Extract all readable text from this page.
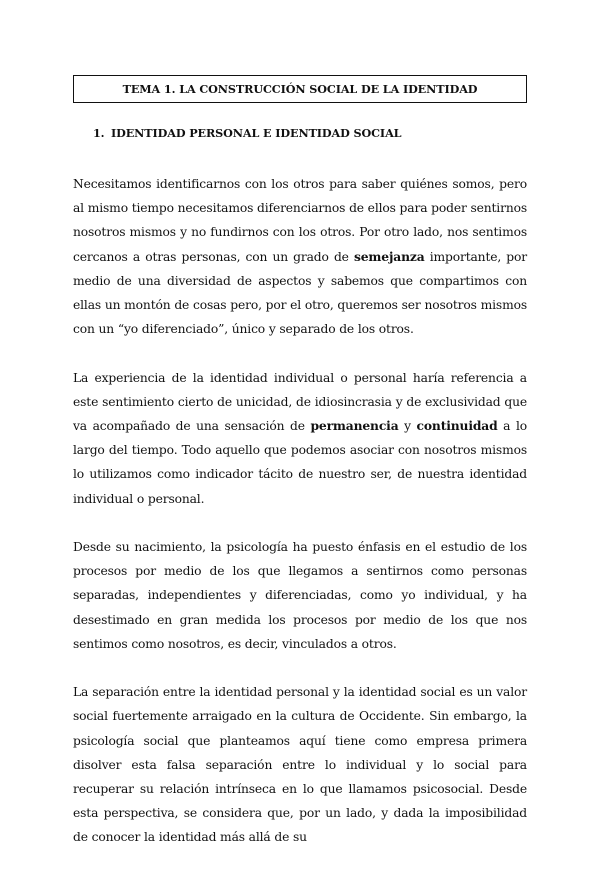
TEMA 1. LA CONSTRUCCIÓN SOCIAL DE LA IDENTIDAD
1. IDENTIDAD PERSONAL E IDENTIDAD SOCIAL

Necesitamos identificarnos con los otros para saber quiénes somos, pero al mismo tiempo necesitamos diferenciarnos de ellos para poder sentirnos nosotros mismos y no fundirnos con los otros. Por otro lado, nos sentimos cercanos a otras personas, con un grado de semejanza importante, por medio de una diversidad de aspectos y sabemos que compartimos con ellas un montón de cosas pero, por el otro, queremos ser nosotros mismos con un “yo diferenciado”, único y separado de los otros.

La experiencia de la identidad individual o personal haría referencia a este sentimiento cierto de unicidad, de idiosincrasia y de exclusividad que va acompañado de una sensación de permanencia y continuidad a lo largo del tiempo. Todo aquello que podemos asociar con nosotros mismos lo utilizamos como indicador tácito de nuestro ser, de nuestra identidad individual o personal.

Desde su nacimiento, la psicología ha puesto énfasis en el estudio de los procesos por medio de los que llegamos a sentirnos como personas separadas, independientes y diferenciadas, como yo individual, y ha desestimado en gran medida los procesos por medio de los que nos sentimos como nosotros, es decir, vinculados a otros.

La separación entre la identidad personal y la identidad social es un valor social fuertemente arraigado en la cultura de Occidente. Sin embargo, la psicología social que planteamos aquí tiene como empresa primera disolver esta falsa separación entre lo individual y lo social para recuperar su relación intrínseca en lo que llamamos psicosocial. Desde esta perspectiva, se considera que, por un lado, y dada la imposibilidad de conocer la identidad más allá de su
